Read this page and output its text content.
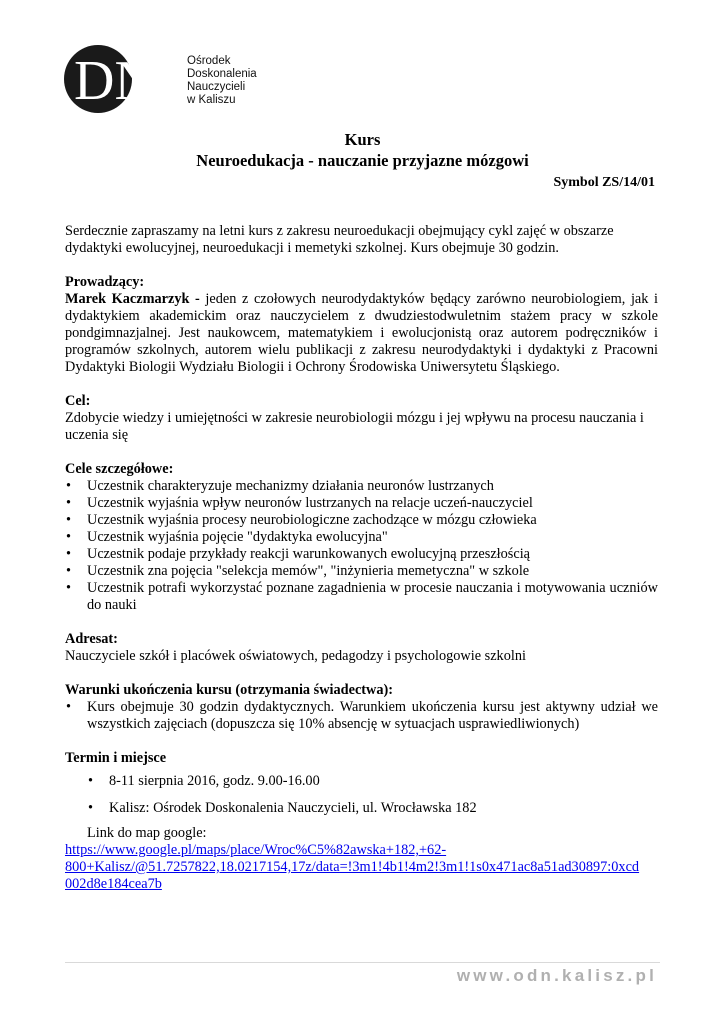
DN	Ośrodek
Doskonalenia
Nauczycieli
w Kaliszu
Kurs
Neuroedukacja - nauczanie przyjazne mózgowi
Symbol ZS/14/01

Serdecznie zapraszamy na letni kurs z zakresu neuroedukacji obejmujący cykl zajęć w obszarze dydaktyki ewolucyjnej, neuroedukacji i memetyki szkolnej. Kurs obejmuje 30 godzin.

Prowadzący:

Marek Kaczmarzyk - jeden z czołowych neurodydaktyków będący zarówno neurobiologiem, jak i dydaktykiem akademickim oraz nauczycielem z dwudziestodwuletnim stażem pracy w szkole pondgimnazjalnej. Jest naukowcem, matematykiem i ewolucjonistą oraz autorem podręczników i programów szkolnych, autorem wielu publikacji z zakresu neurodydaktyki i dydaktyki z Pracowni Dydaktyki Biologii Wydziału Biologii i Ochrony Środowiska Uniwersytetu Śląskiego.

Cel:

Zdobycie wiedzy i umiejętności w zakresie neurobiologii mózgu i jej wpływu na procesu nauczania i uczenia się

Cele szczegółowe:

• Uczestnik charakteryzuje mechanizmy działania neuronów lustrzanych
• Uczestnik wyjaśnia wpływ neuronów lustrzanych na relacje uczeń-nauczyciel
• Uczestnik wyjaśnia procesy neurobiologiczne zachodzące w mózgu człowieka
• Uczestnik wyjaśnia pojęcie "dydaktyka ewolucyjna"
• Uczestnik podaje przykłady reakcji warunkowanych ewolucyjną przeszłością
• Uczestnik zna pojęcia "selekcja memów", "inżynieria memetyczna" w szkole
• Uczestnik potrafi wykorzystać poznane zagadnienia w procesie nauczania i motywowania uczniów do nauki

Adresat:

Nauczyciele szkół i placówek oświatowych, pedagodzy i psychologowie szkolni

Warunki ukończenia kursu (otrzymania świadectwa):

• Kurs obejmuje 30 godzin dydaktycznych. Warunkiem ukończenia kursu jest aktywny udział we wszystkich zajęciach (dopuszcza się 10% absencję w sytuacjach usprawiedliwionych)

Termin i miejsce

• 8-11 sierpnia 2016, godz. 9.00-16.00
• Kalisz: Ośrodek Doskonalenia Nauczycieli, ul. Wrocławska 182

Link do map google:

https://www.google.pl/maps/place/Wroc%C5%82awska+182,+62-
800+Kalisz/@51.7257822,18.0217154,17z/data=!3m1!4b1!4m2!3m1!1s0x471ac8a51ad30897:0xcd
002d8e184cea7b
www.odn.kalisz.pl
